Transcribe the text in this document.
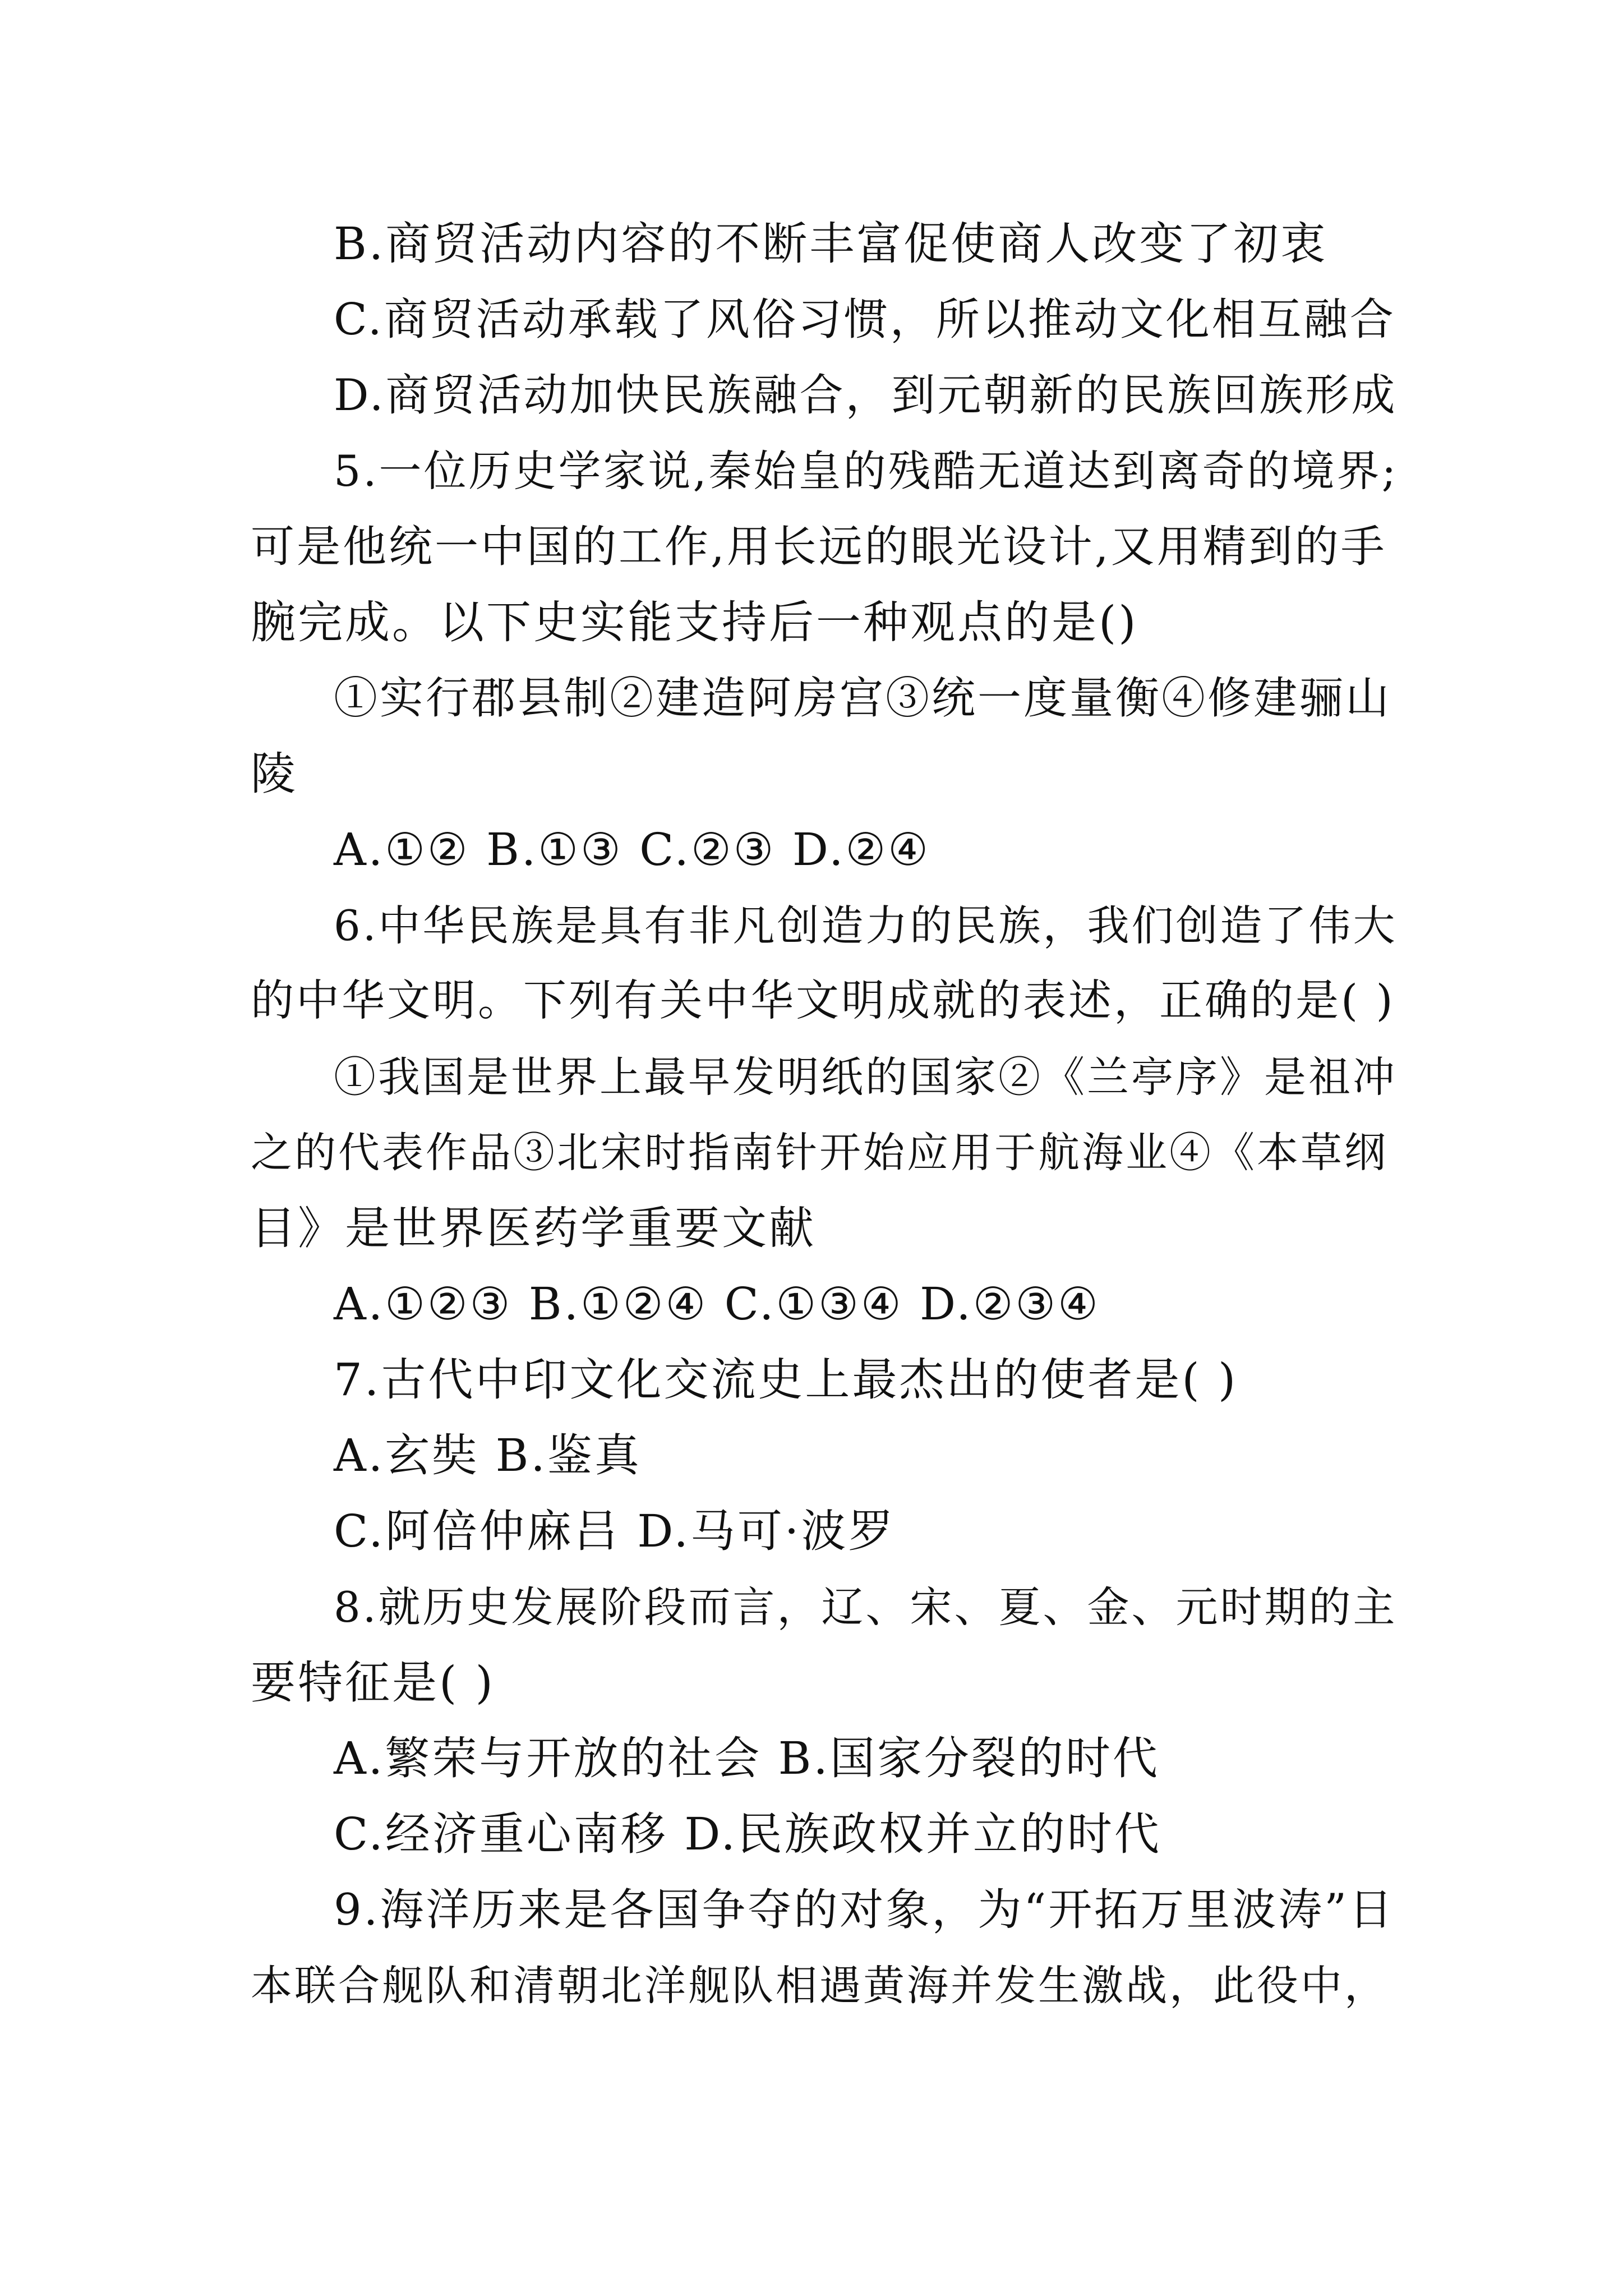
B.商贸活动内容的不断丰富促使商人改变了初衷
C.商贸活动承载了风俗习惯，所以推动文化相互融合
D.商贸活动加快民族融合，到元朝新的民族回族形成
5.一位历史学家说,秦始皇的残酷无道达到离奇的境界;
可是他统一中国的工作,用长远的眼光设计,又用精到的手
腕完成。以下史实能支持后一种观点的是()
①实行郡县制②建造阿房宫③统一度量衡④修建骊山
陵
A.①② B.①③ C.②③ D.②④
6.中华民族是具有非凡创造力的民族，我们创造了伟大
的中华文明。下列有关中华文明成就的表述，正确的是( )
①我国是世界上最早发明纸的国家②《兰亭序》是祖冲
之的代表作品③北宋时指南针开始应用于航海业④《本草纲
目》是世界医药学重要文献
A.①②③ B.①②④ C.①③④ D.②③④
7.古代中印文化交流史上最杰出的使者是( )
A.玄奘 B.鉴真
C.阿倍仲麻吕 D.马可·波罗
8.就历史发展阶段而言，辽、宋、夏、金、元时期的主
要特征是( )
A.繁荣与开放的社会 B.国家分裂的时代
C.经济重心南移 D.民族政权并立的时代
9.海洋历来是各国争夺的对象，为“开拓万里波涛”日
本联合舰队和清朝北洋舰队相遇黄海并发生激战，此役中，
